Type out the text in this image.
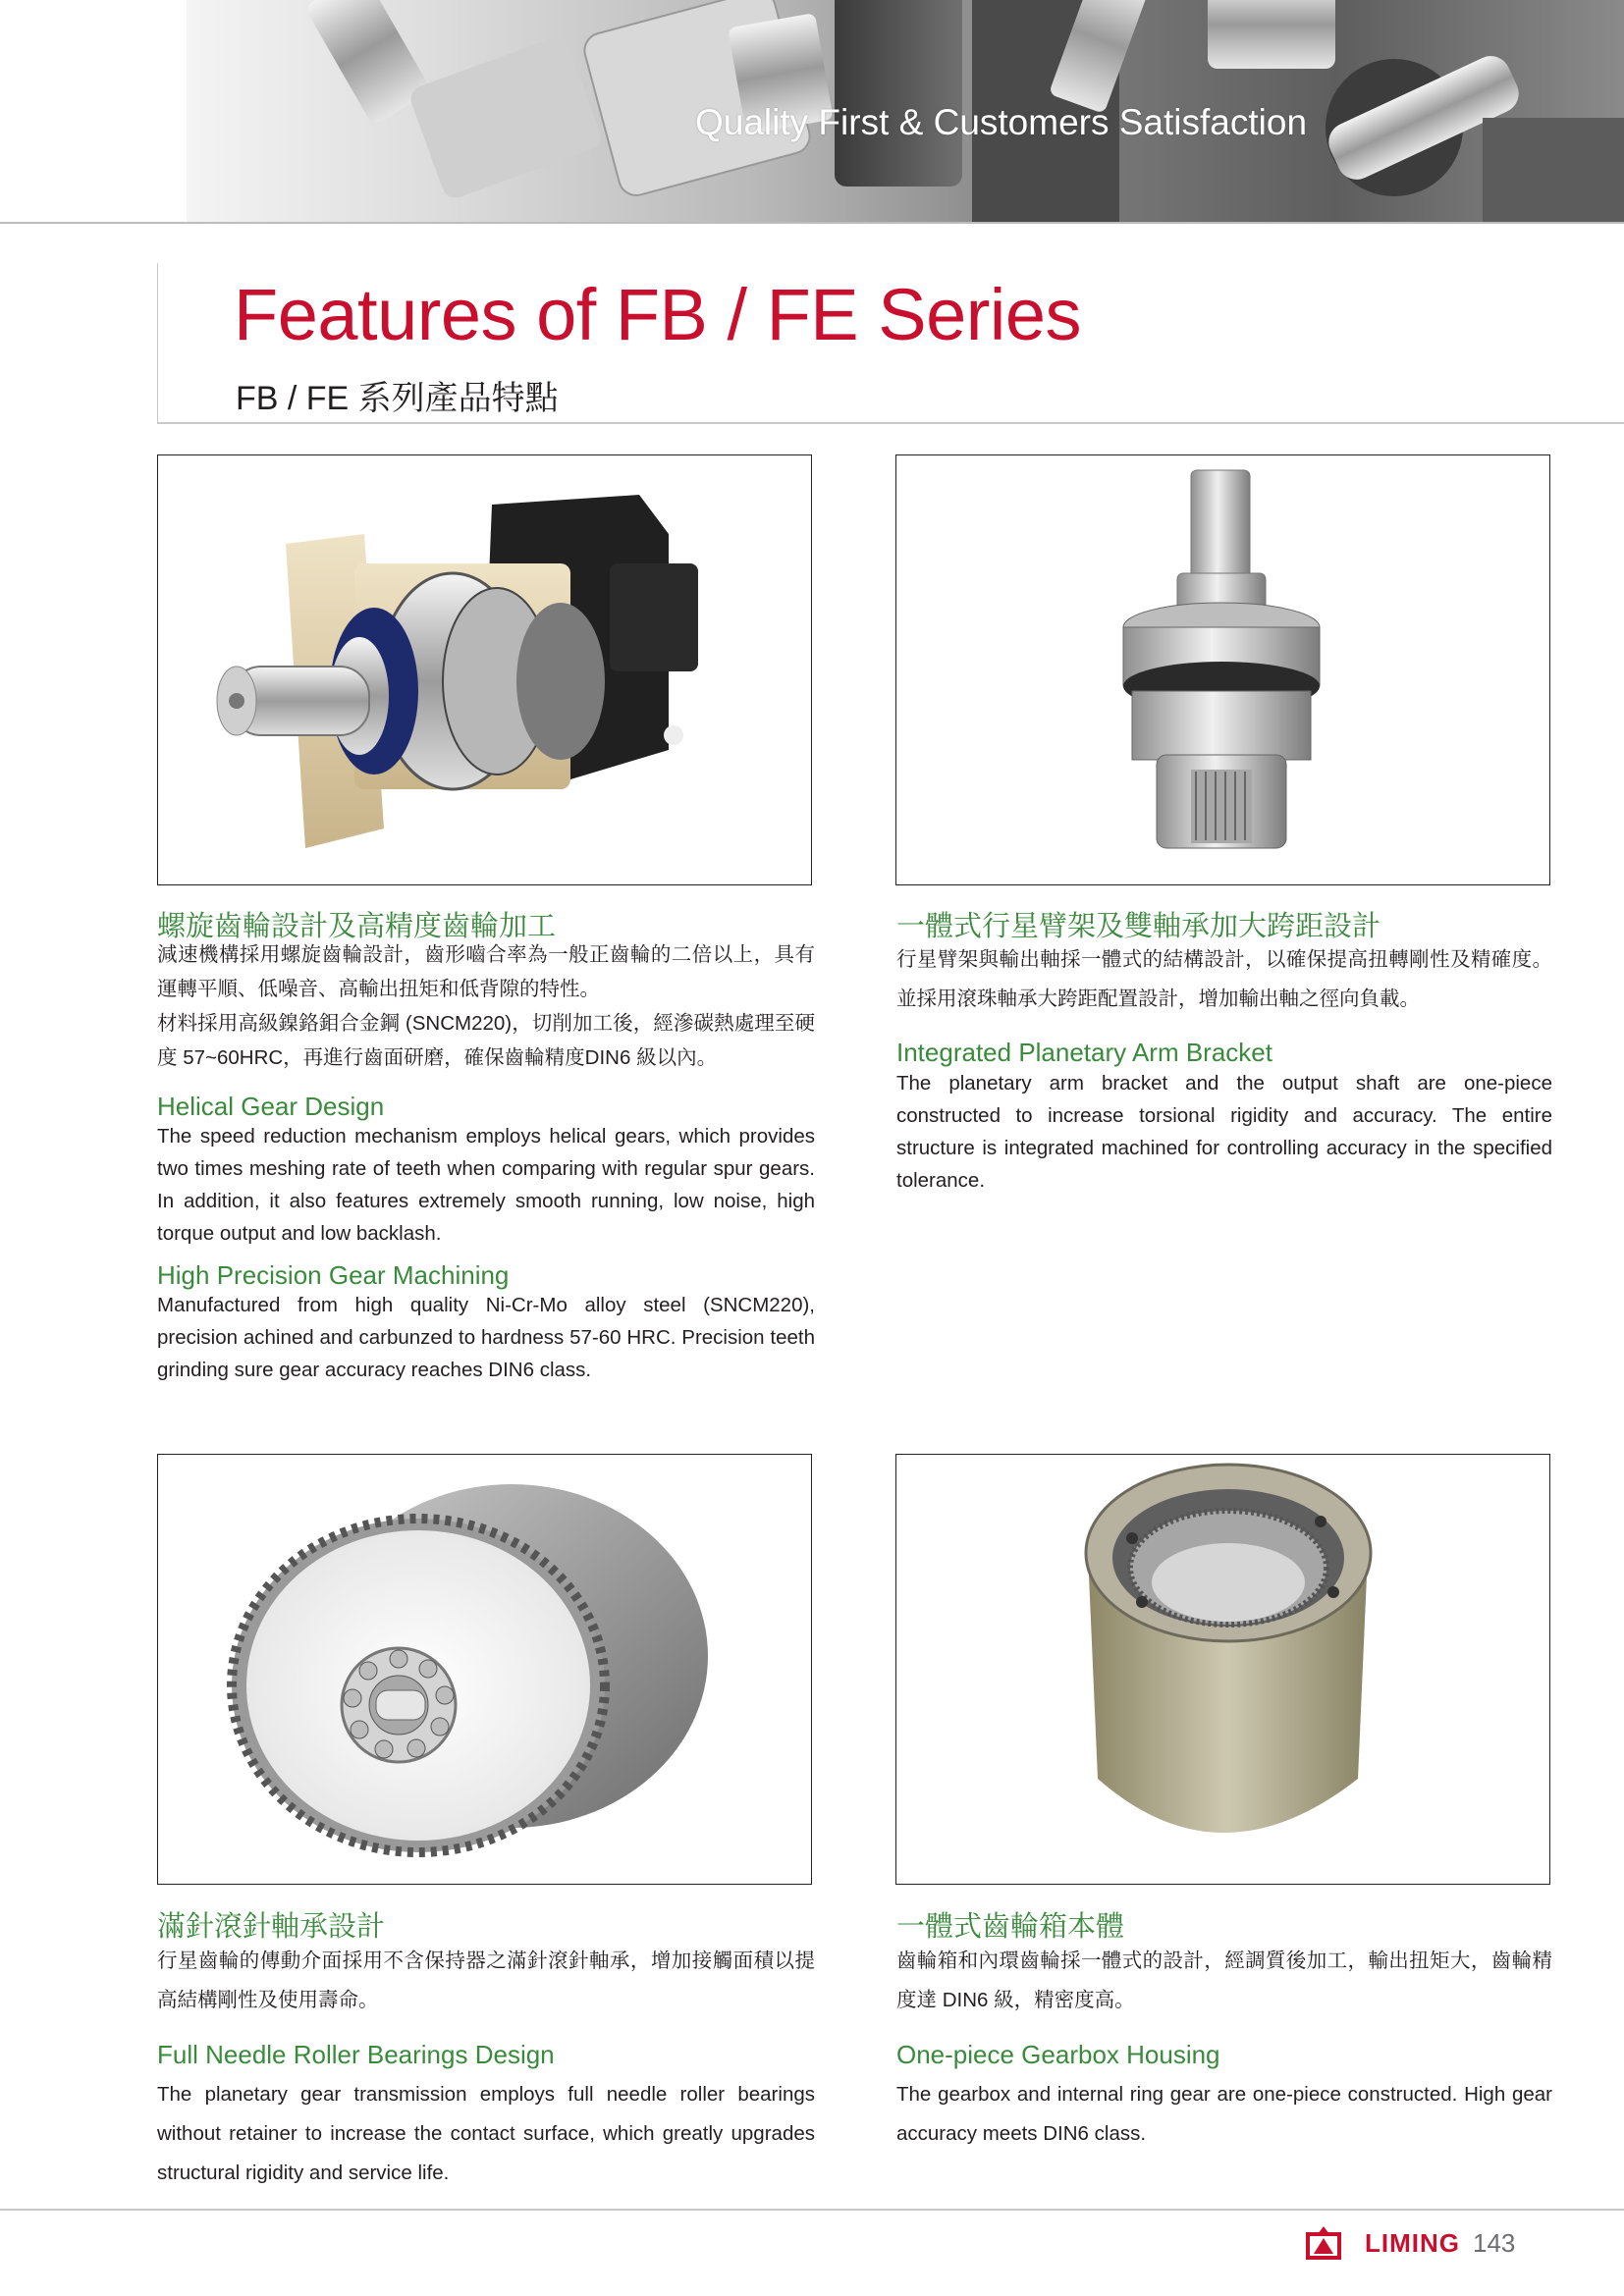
Quality First & Customers Satisfaction
Features of FB / FE Series
FB / FE 系列產品特點
螺旋齒輪設計及高精度齒輪加工

減速機構採用螺旋齒輪設計，齒形嚙合率為一般正齒輪的二倍以上，具有運轉平順、低噪音、高輸出扭矩和低背隙的特性。

材料採用高級鎳鉻鉬合金鋼 (SNCM220)，切削加工後，經滲碳熱處理至硬度 57~60HRC，再進行齒面研磨，確保齒輪精度DIN6 級以內。

Helical Gear Design
The speed reduction mechanism employs helical gears, which provides two times meshing rate of teeth when comparing with regular spur gears. In addition, it also features extremely smooth running, low noise, high torque output and low backlash.
High Precision Gear Machining
Manufactured from high quality Ni-Cr-Mo alloy steel (SNCM220), precision achined and carbunzed to hardness 57-60 HRC. Precision teeth grinding sure gear accuracy reaches DIN6 class.
一體式行星臂架及雙軸承加大跨距設計

行星臂架與輸出軸採一體式的結構設計，以確保提高扭轉剛性及精確度。並採用滾珠軸承大跨距配置設計，增加輸出軸之徑向負載。

Integrated Planetary Arm Bracket
The planetary arm bracket and the output shaft are one-piece constructed to increase torsional rigidity and accuracy. The entire structure is integrated machined for controlling accuracy in the specified tolerance.
滿針滾針軸承設計

行星齒輪的傳動介面採用不含保持器之滿針滾針軸承，增加接觸面積以提高結構剛性及使用壽命。

Full Needle Roller Bearings Design
The planetary gear transmission employs full needle roller bearings without retainer to increase the contact surface, which greatly upgrades structural rigidity and service life.
一體式齒輪箱本體

齒輪箱和內環齒輪採一體式的設計，經調質後加工，輸出扭矩大，齒輪精度達 DIN6 級，精密度高。

One-piece Gearbox Housing
The gearbox and internal ring gear are one-piece constructed. High gear accuracy meets DIN6 class.
LIMING 143
